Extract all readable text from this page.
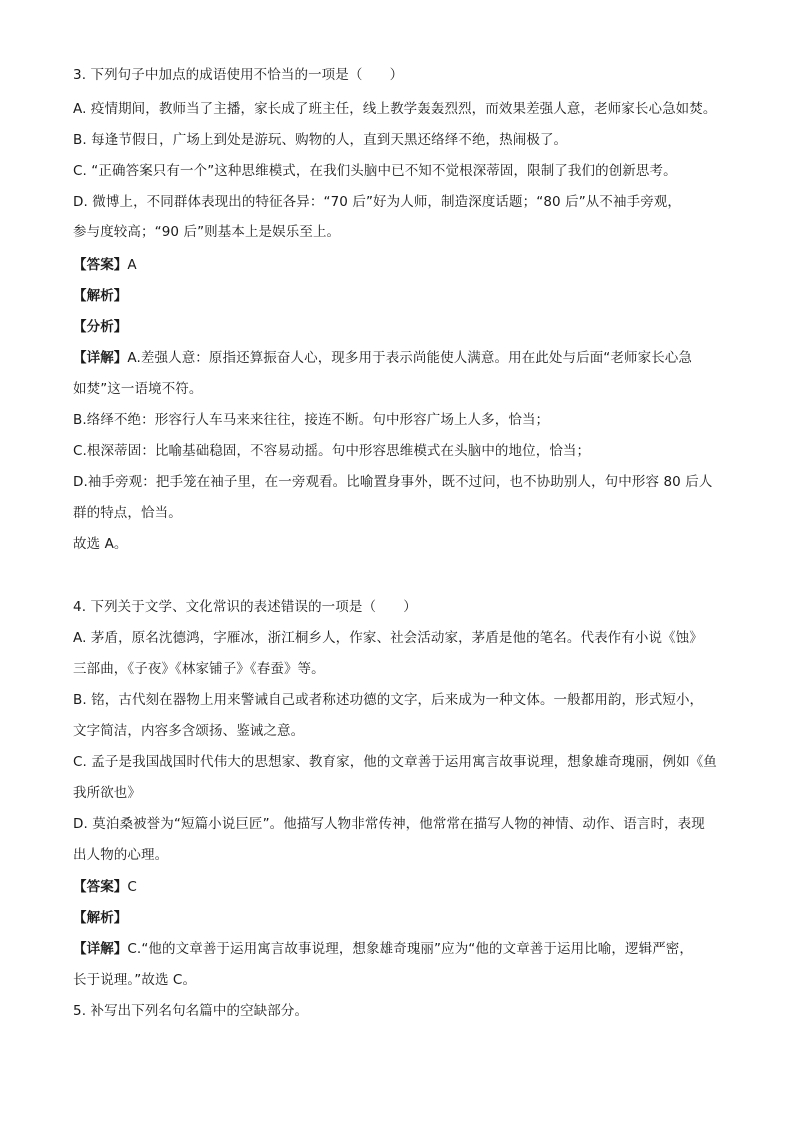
3. 下列句子中加点的成语使用不恰当的一项是（　　）
A. 疫情期间，教师当了主播，家长成了班主任，线上教学轰轰烈烈，而效果差强人意，老师家长心急如焚。
B. 每逢节假日，广场上到处是游玩、购物的人，直到天黑还络绎不绝，热闹极了。
C. “正确答案只有一个”这种思维模式，在我们头脑中已不知不觉根深蒂固，限制了我们的创新思考。
D. 微博上，不同群体表现出的特征各异：“70 后”好为人师，制造深度话题；“80 后”从不袖手旁观，
参与度较高；“90 后”则基本上是娱乐至上。
【答案】A
【解析】
【分析】
【详解】A.差强人意：原指还算振奋人心，现多用于表示尚能使人满意。用在此处与后面“老师家长心急
如焚”这一语境不符。
B.络绎不绝：形容行人车马来来往往，接连不断。句中形容广场上人多，恰当；
C.根深蒂固：比喻基础稳固，不容易动摇。句中形容思维模式在头脑中的地位，恰当；
D.袖手旁观：把手笼在袖子里，在一旁观看。比喻置身事外，既不过问，也不协助别人，句中形容 80 后人
群的特点，恰当。
故选 A。
4. 下列关于文学、文化常识的表述错误的一项是（　　）
A. 茅盾，原名沈德鸿，字雁冰，浙江桐乡人，作家、社会活动家，茅盾是他的笔名。代表作有小说《蚀》
三部曲，《子夜》《林家铺子》《春蚕》等。
B. 铭，古代刻在器物上用来警诫自己或者称述功德的文字，后来成为一种文体。一般都用韵，形式短小，
文字简洁，内容多含颂扬、鉴诫之意。
C. 孟子是我国战国时代伟大的思想家、教育家，他的文章善于运用寓言故事说理，想象雄奇瑰丽，例如《鱼
我所欲也》
D. 莫泊桑被誉为“短篇小说巨匠”。他描写人物非常传神，他常常在描写人物的神情、动作、语言时，表现
出人物的心理。
【答案】C
【解析】
【详解】C.“他的文章善于运用寓言故事说理，想象雄奇瑰丽”应为“他的文章善于运用比喻，逻辑严密，
长于说理。”故选 C。
5. 补写出下列名句名篇中的空缺部分。
